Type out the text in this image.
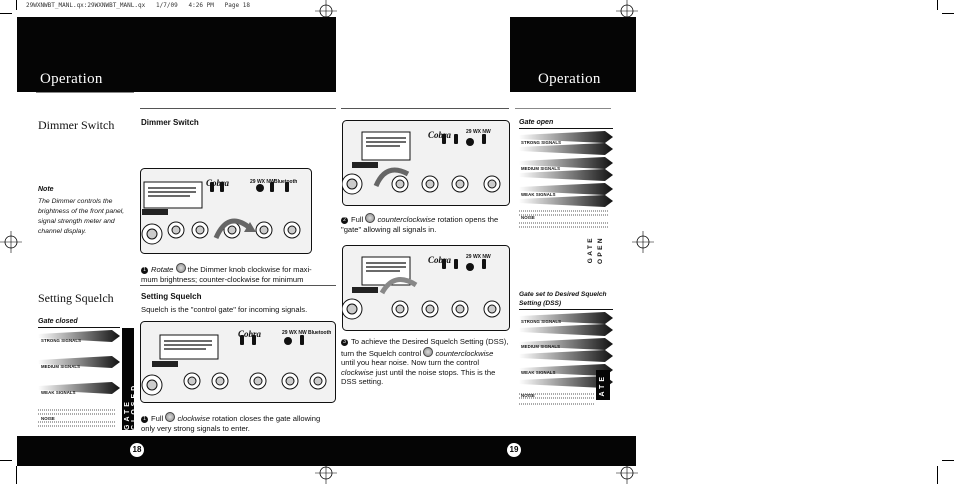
29WXNWBT_MANL.qx:29WXNWBT_MANL.qx   1/7/09   4:26 PM   Page 18
Operation
Dimmer Switch	Dimmer Switch
Note
The Dimmer controls the brightness of the front panel, signal strength meter and channel display.
Cobra	29 WX NW Bluetooth
1 Rotate the Dimmer knob clockwise for maxi-mum brightness; counter-clockwise for minimum
Setting Squelch	Setting Squelch
Squelch is the "control gate" for incoming signals.
Cobra	29 WX NW Bluetooth
1 Full clockwise rotation closes the gate allowing only very strong signals to enter.
Gate closed
STRONG SIGNALS
MEDIUM SIGNALS
WEAK SIGNALS
NOISE	GATE CLOSED
18
Operation
Cobra	29 WX NW
2 Full counterclockwise rotation opens the "gate" allowing all signals in.
Cobra	29 WX NW
3 To achieve the Desired Squelch Setting (DSS), turn the Squelch control counterclockwise until you hear noise. Now turn the control clockwise just until the noise stops. This is the DSS setting.
Gate open
STRONG SIGNALS
MEDIUM SIGNALS
WEAK SIGNALS
NOISE
GATE OPEN
Gate set to Desired Squelch Setting (DSS)
STRONG SIGNALS
MEDIUM SIGNALS
WEAK SIGNALS
NOISE	GATE
19
